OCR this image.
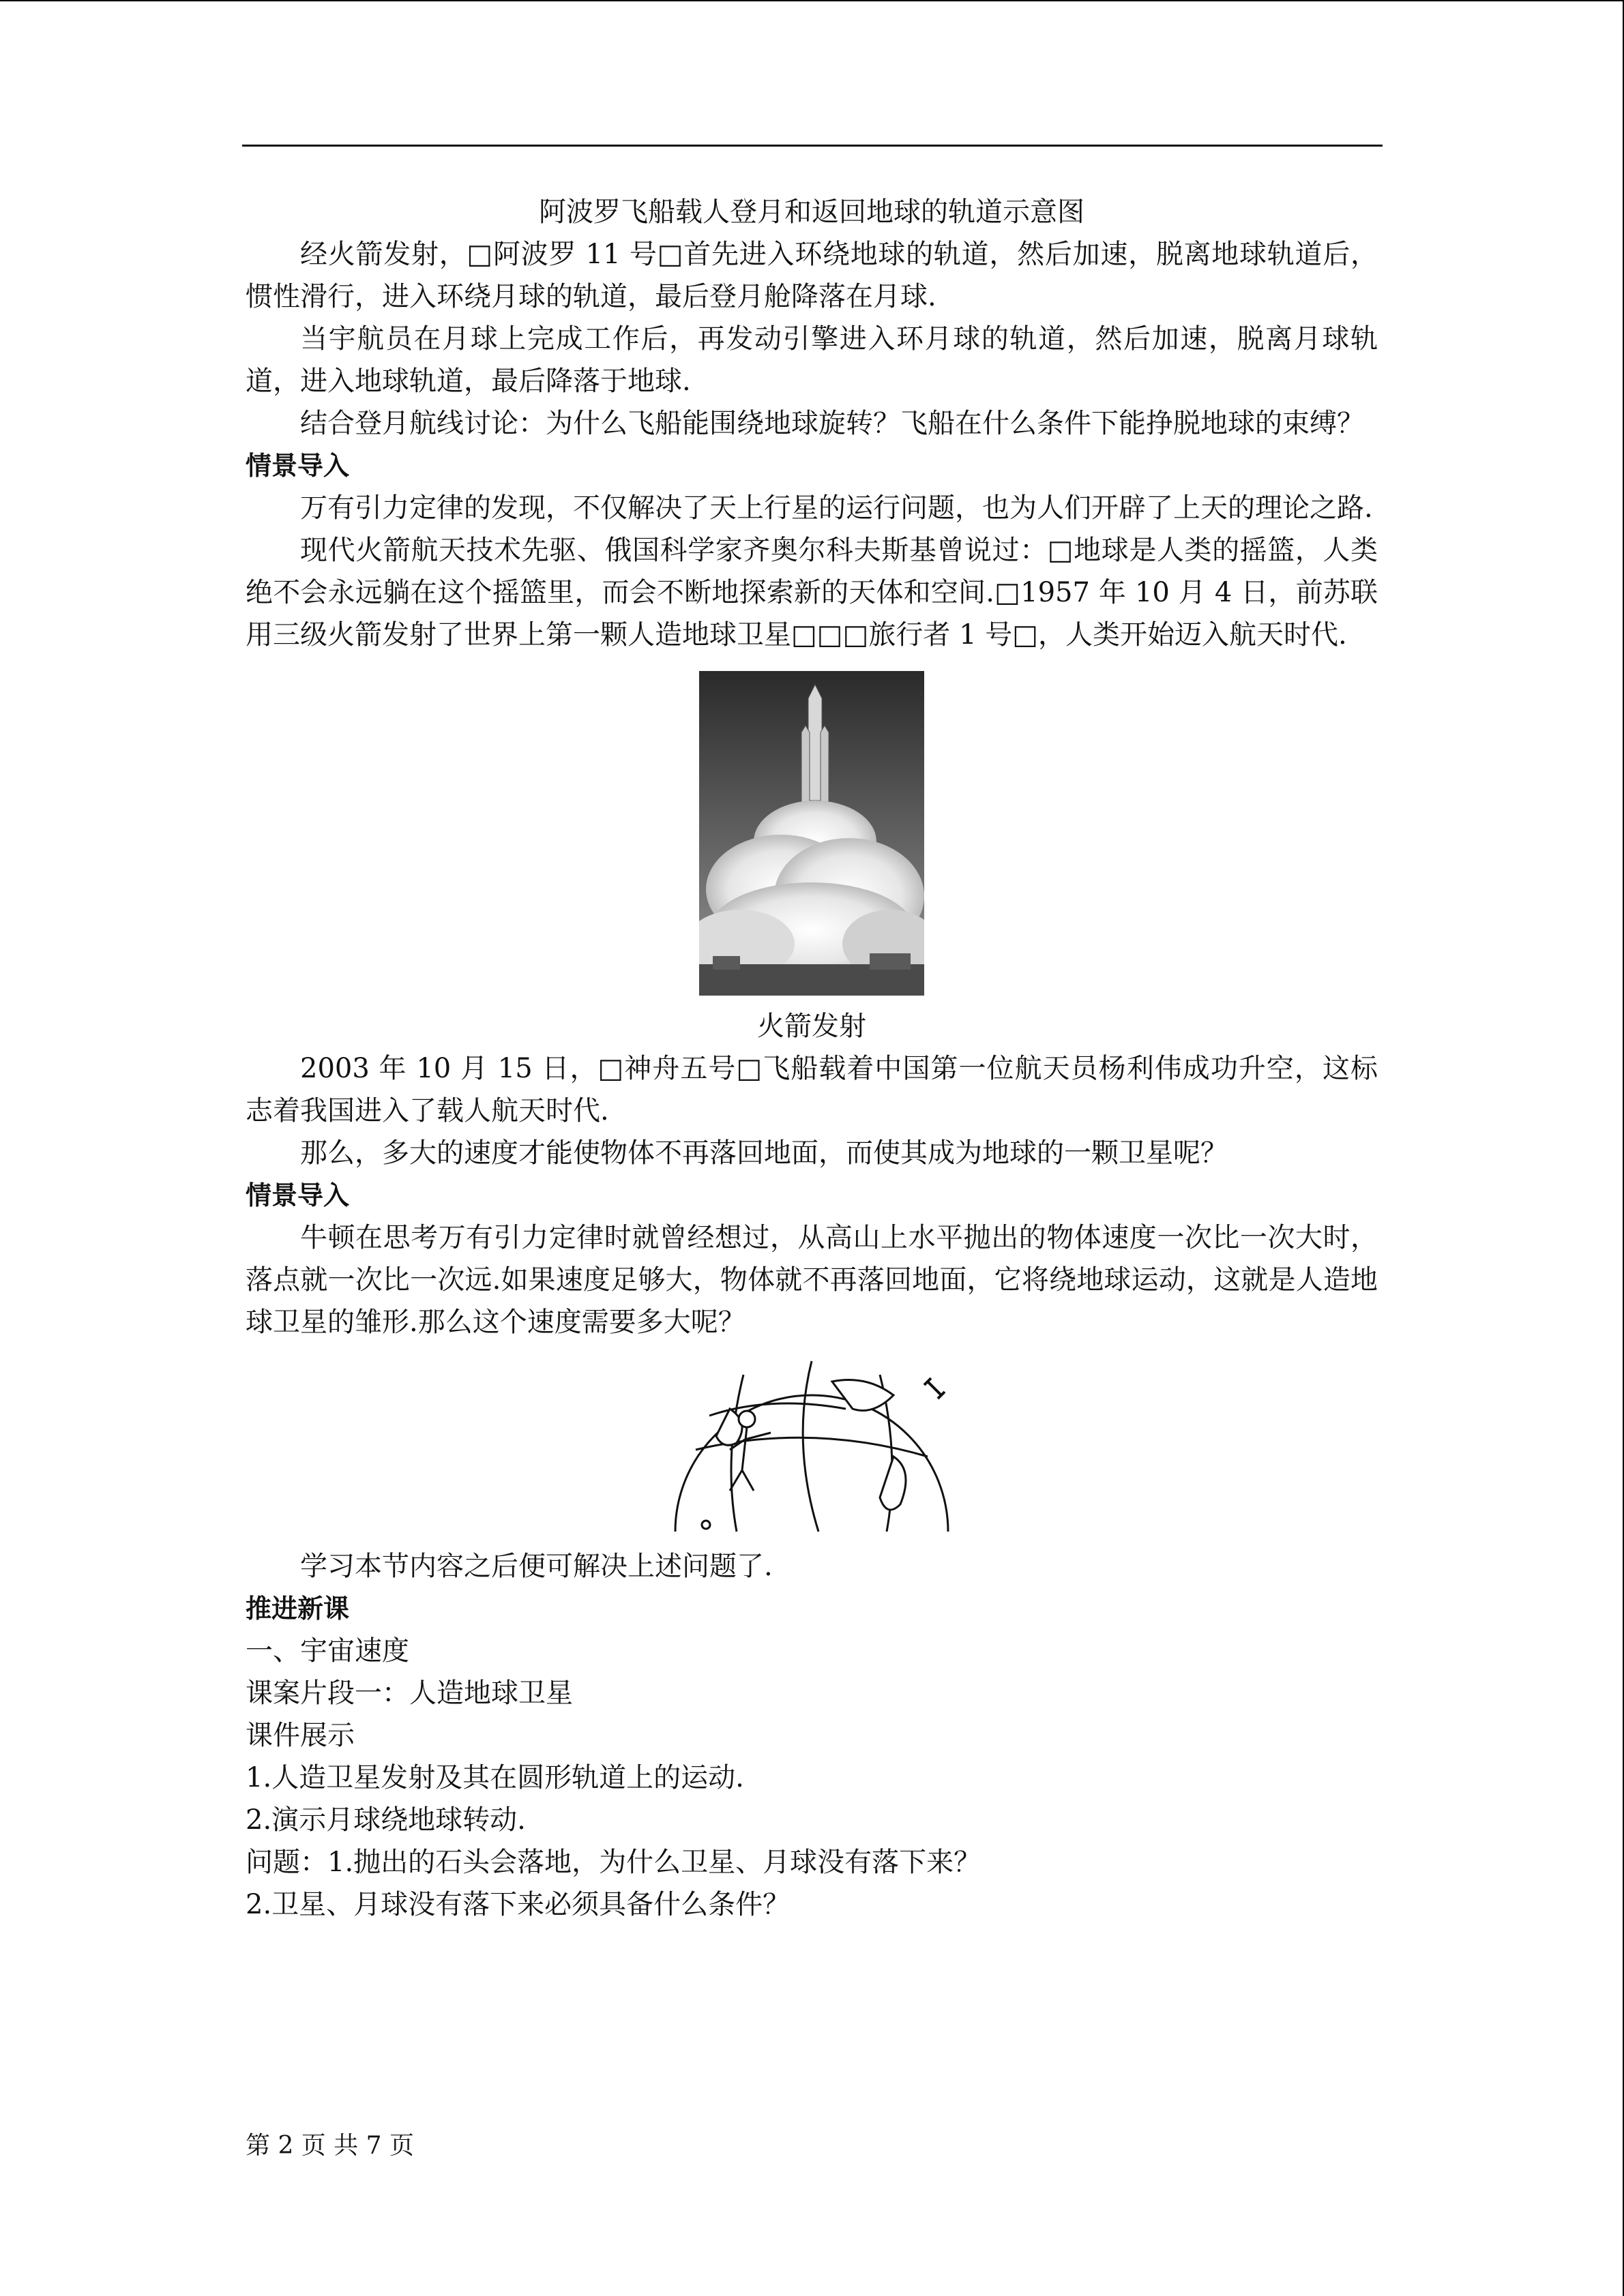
阿波罗飞船载人登月和返回地球的轨道示意图

经火箭发射，□阿波罗 11 号□首先进入环绕地球的轨道，然后加速，脱离地球轨道后，惯性滑行，进入环绕月球的轨道，最后登月舱降落在月球.

当宇航员在月球上完成工作后，再发动引擎进入环月球的轨道，然后加速，脱离月球轨道，进入地球轨道，最后降落于地球.

结合登月航线讨论：为什么飞船能围绕地球旋转？飞船在什么条件下能挣脱地球的束缚？

情景导入

万有引力定律的发现，不仅解决了天上行星的运行问题，也为人们开辟了上天的理论之路.

现代火箭航天技术先驱、俄国科学家齐奥尔科夫斯基曾说过：□地球是人类的摇篮，人类绝不会永远躺在这个摇篮里，而会不断地探索新的天体和空间.□1957 年 10 月 4 日，前苏联用三级火箭发射了世界上第一颗人造地球卫星□□□旅行者 1 号□，人类开始迈入航天时代.

火箭发射

2003 年 10 月 15 日，□神舟五号□飞船载着中国第一位航天员杨利伟成功升空，这标志着我国进入了载人航天时代.

那么，多大的速度才能使物体不再落回地面，而使其成为地球的一颗卫星呢？

情景导入

牛顿在思考万有引力定律时就曾经想过，从高山上水平抛出的物体速度一次比一次大时，落点就一次比一次远.如果速度足够大，物体就不再落回地面，它将绕地球运动，这就是人造地球卫星的雏形.那么这个速度需要多大呢？

学习本节内容之后便可解决上述问题了.

推进新课

一、宇宙速度

课案片段一：人造地球卫星

课件展示

1.人造卫星发射及其在圆形轨道上的运动.

2.演示月球绕地球转动.

问题：1.抛出的石头会落地，为什么卫星、月球没有落下来？

2.卫星、月球没有落下来必须具备什么条件？

第 2 页 共 7 页
